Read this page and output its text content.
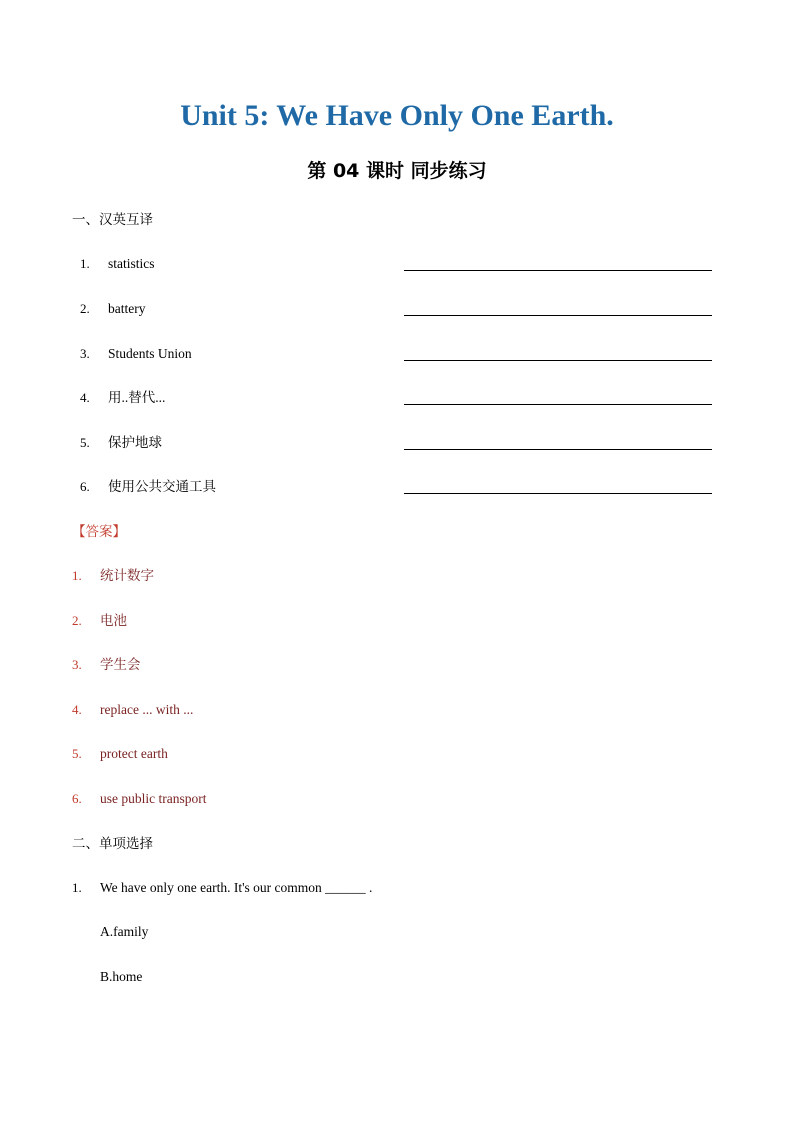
Unit 5: We Have Only One Earth.
第 04 课时 同步练习
一、汉英互译
1. statistics
2. battery
3. Students Union
4. 用..替代...
5. 保护地球
6. 使用公共交通工具
【答案】
1. 统计数字
2. 电池
3. 学生会
4. replace ... with ...
5. protect earth
6. use public transport
二、单项选择
1. We have only one earth. It's our common ______ .
A.family
B.home
